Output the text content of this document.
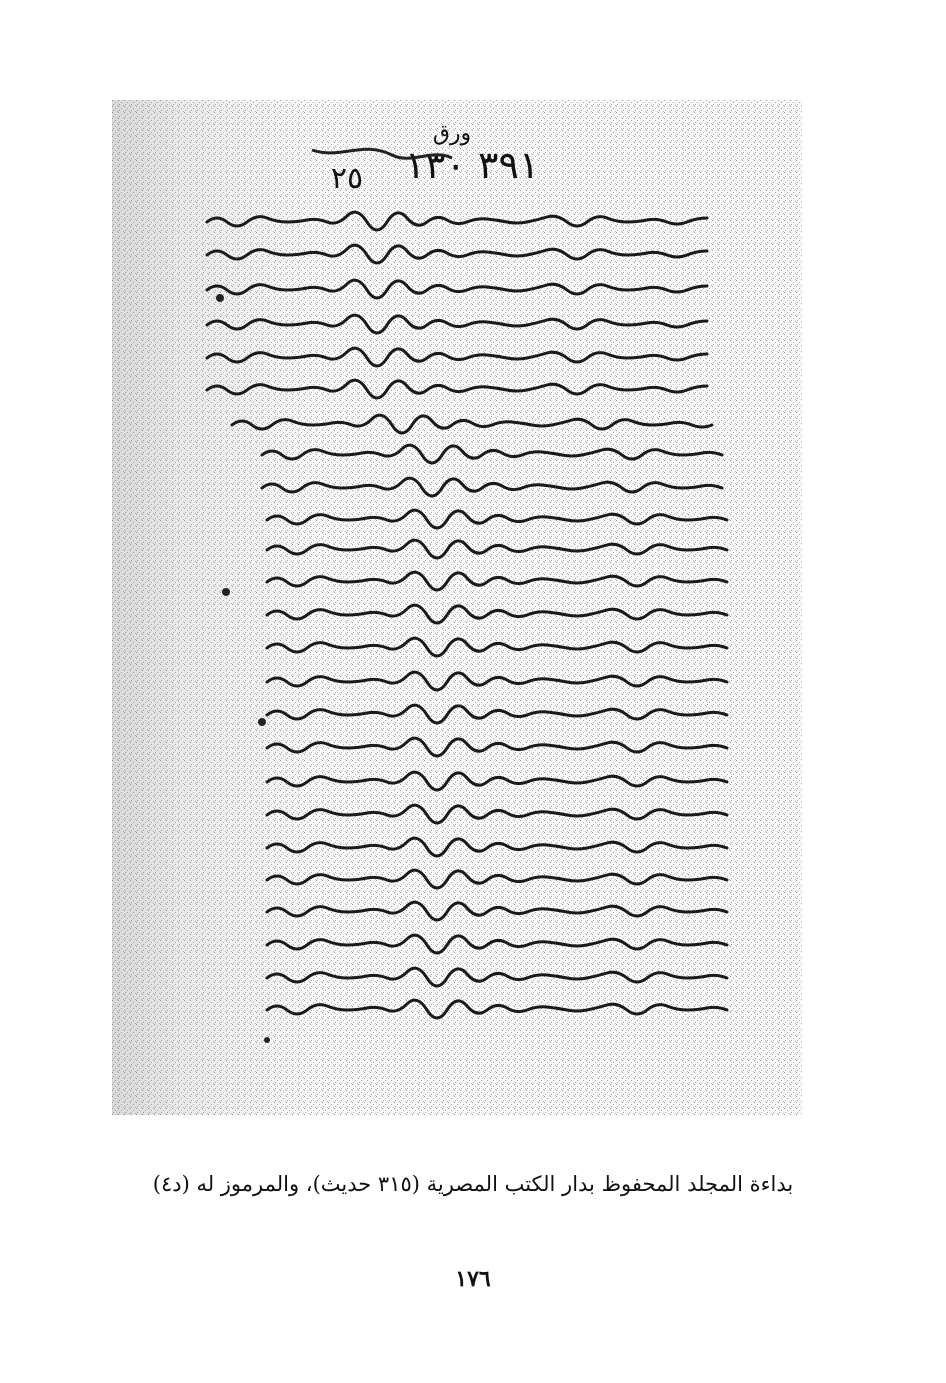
ورق
٣٩١ ١٣٠
٢٥
بداءة المجلد المحفوظ بدار الكتب المصرية (٣١٥ حديث)، والمرموز له (د٤)
١٧٦
